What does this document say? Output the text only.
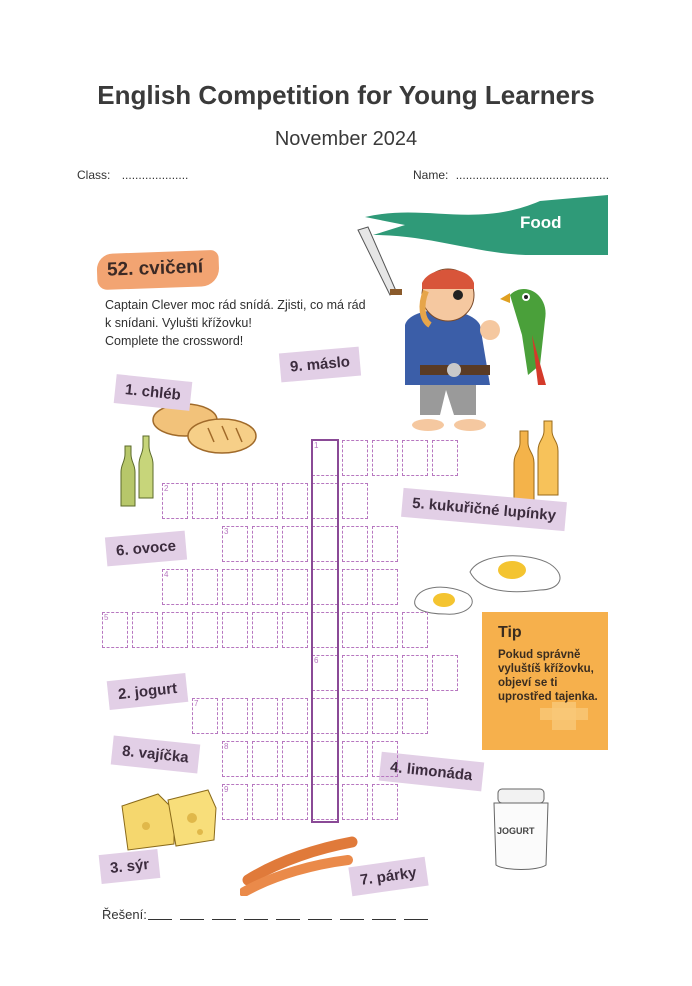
English Competition for Young Learners
November 2024
Class: ....................	Name: ..............................................
Food
52. cvičení
Captain Clever moc rád snídá. Zjisti, co má rád
k snídani. Vylušti křížovku!
Complete the crossword!
JOGURT
9. máslo
1. chléb
5. kukuřičné lupínky
6. ovoce
2. jogurt
8. vajíčka
4. limonáda
3. sýr	7. párky
Tip
Pokud správně vyluštíš křížovku, objeví se ti uprostřed tajenka.
1
2
3
4
5
6
7
8
9
Řešení:
